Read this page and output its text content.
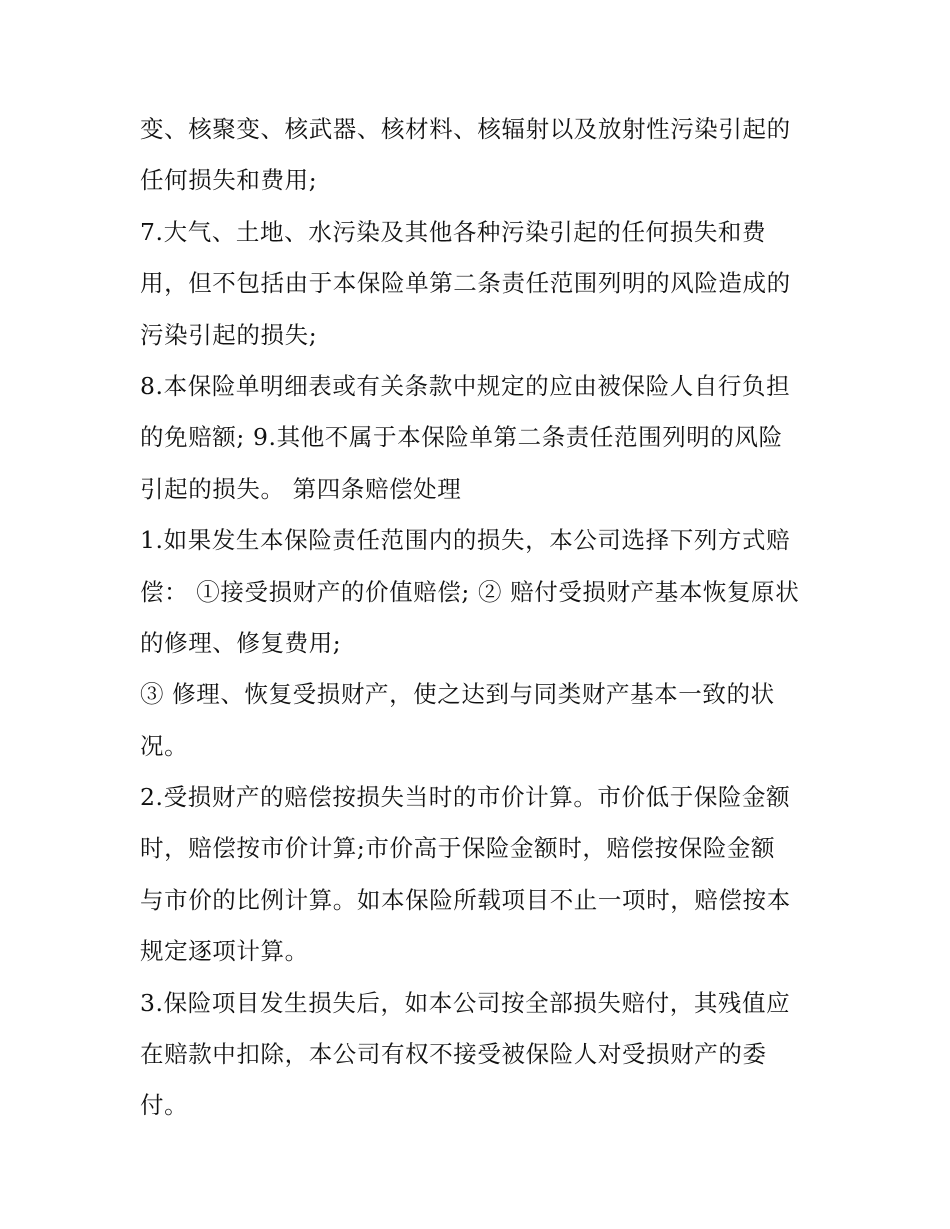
变、核聚变、核武器、核材料、核辐射以及放射性污染引起的
任何损失和费用;
7.大气、土地、水污染及其他各种污染引起的任何损失和费
用，但不包括由于本保险单第二条责任范围列明的风险造成的
污染引起的损失;
8.本保险单明细表或有关条款中规定的应由被保险人自行负担
的免赔额; 9.其他不属于本保险单第二条责任范围列明的风险
引起的损失。 第四条赔偿处理
1.如果发生本保险责任范围内的损失，本公司选择下列方式赔
偿： ①接受损财产的价值赔偿; ② 赔付受损财产基本恢复原状
的修理、修复费用;
③ 修理、恢复受损财产，使之达到与同类财产基本一致的状
况。
2.受损财产的赔偿按损失当时的市价计算。市价低于保险金额
时，赔偿按市价计算;市价高于保险金额时，赔偿按保险金额
与市价的比例计算。如本保险所载项目不止一项时，赔偿按本
规定逐项计算。
3.保险项目发生损失后，如本公司按全部损失赔付，其残值应
在赔款中扣除，本公司有权不接受被保险人对受损财产的委
付。
